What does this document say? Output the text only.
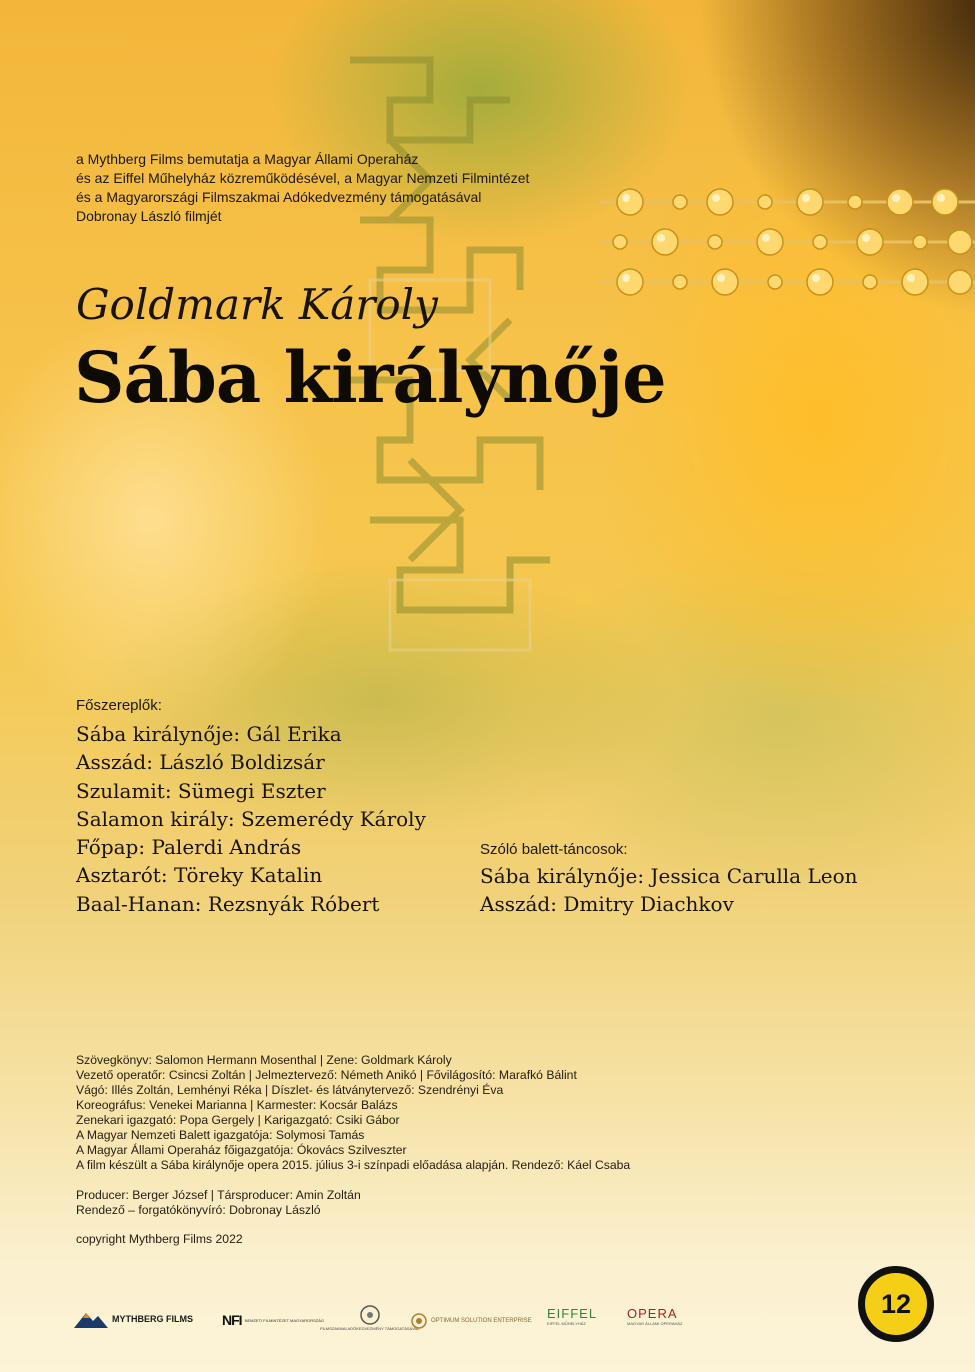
a Mythberg Films bemutatja a Magyar Állami Operaház
és az Eiffel Műhelyház közreműködésével, a Magyar Nemzeti Filmintézet
és a Magyarországi Filmszakmai Adókedvezmény támogatásával
Dobronay László filmjét
Goldmark Károly
Sába királynője
Főszereplők:
Sába királynője: Gál Erika
Asszád: László Boldizsár
Szulamit: Sümegi Eszter
Salamon király: Szemerédy Károly
Főpap: Palerdi András
Asztarót: Töreky Katalin
Baal-Hanan: Rezsnyák Róbert
Szóló balett-táncosok:
Sába királynője: Jessica Carulla Leon
Asszád: Dmitry Diachkov
Szövegkönyv: Salomon Hermann Mosenthal | Zene: Goldmark Károly
Vezető operatőr: Csincsi Zoltán | Jelmeztervező: Németh Anikó | Fővilágosító: Marafkó Bálint
Vágó: Illés Zoltán, Lemhényi Réka | Díszlet- és látványtervező: Szendrényi Éva
Koreográfus: Venekei Marianna | Karmester: Kocsár Balázs
Zenekari igazgató: Popa Gergely | Karigazgató: Csiki Gábor
A Magyar Nemzeti Balett igazgatója: Solymosi Tamás
A Magyar Állami Operaház főigazgatója: Ókovács Szilveszter
A film készült a Sába királynője opera 2015. július 3-i színpadi előadása alapján. Rendező: Káel Csaba
Producer: Berger József | Társproducer: Amin Zoltán
Rendező – forgatókönyvíró: Dobronay László
copyright Mythberg Films 2022
12
MYTHBERG FILMS NFI NEMZETI FILMINTÉZET MAGYARORSZÁG
FILMSZAKMAI ADÓKEDVEZMÉNY TÁMOGATÁSÁVAL
OPTIMUM SOLUTION ENTERPRISE EIFFEL
EIFFEL MŰHELYHÁZ
OPERA
MAGYAR ÁLLAMI OPERAHÁZ
